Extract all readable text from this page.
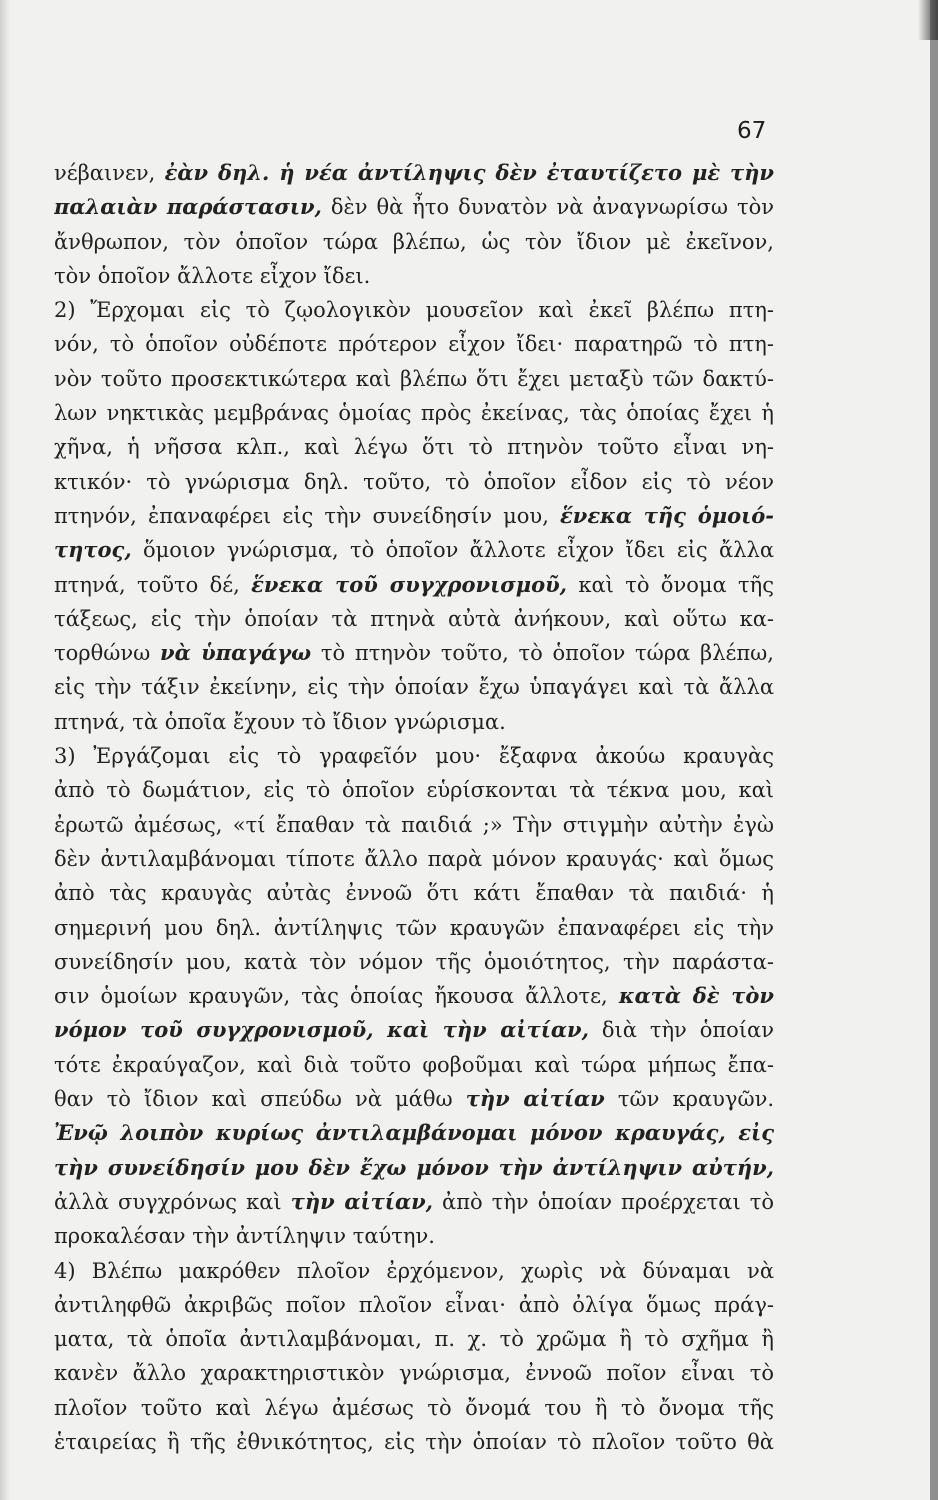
67
νέβαινεν, ἐὰν δηλ. ἡ νέα ἀντίληψις δὲν ἐταυτίζετο μὲ τὴν
παλαιὰν παράστασιν, δὲν θὰ ἦτο δυνατὸν νὰ ἀναγνωρίσω τὸν
ἄνθρωπον, τὸν ὁποῖον τώρα βλέπω, ὡς τὸν ἴδιον μὲ ἐκεῖνον,
τὸν ὁποῖον ἄλλοτε εἶχον ἴδει.
2) Ἔρχομαι εἰς τὸ ζῳολογικὸν μουσεῖον καὶ ἐκεῖ βλέπω πτη-
νόν, τὸ ὁποῖον οὐδέποτε πρότερον εἶχον ἴδει· παρατηρῶ τὸ πτη-
νὸν τοῦτο προσεκτικώτερα καὶ βλέπω ὅτι ἔχει μεταξὺ τῶν δακτύ-
λων νηκτικὰς μεμβράνας ὁμοίας πρὸς ἐκείνας, τὰς ὁποίας ἔχει ἡ
χῆνα, ἡ νῆσσα κλπ., καὶ λέγω ὅτι τὸ πτηνὸν τοῦτο εἶναι νη-
κτικόν· τὸ γνώρισμα δηλ. τοῦτο, τὸ ὁποῖον εἶδον εἰς τὸ νέον
πτηνόν, ἐπαναφέρει εἰς τὴν συνείδησίν μου, ἕνεκα τῆς ὁμοιό-
τητος, ὅμοιον γνώρισμα, τὸ ὁποῖον ἄλλοτε εἶχον ἴδει εἰς ἄλλα
πτηνά, τοῦτο δέ, ἕνεκα τοῦ συγχρονισμοῦ, καὶ τὸ ὄνομα τῆς
τάξεως, εἰς τὴν ὁποίαν τὰ πτηνὰ αὐτὰ ἀνήκουν, καὶ οὕτω κα-
τορθώνω νὰ ὑπαγάγω τὸ πτηνὸν τοῦτο, τὸ ὁποῖον τώρα βλέπω,
εἰς τὴν τάξιν ἐκείνην, εἰς τὴν ὁποίαν ἔχω ὑπαγάγει καὶ τὰ ἄλλα
πτηνά, τὰ ὁποῖα ἔχουν τὸ ἴδιον γνώρισμα.
3) Ἐργάζομαι εἰς τὸ γραφεῖόν μου· ἔξαφνα ἀκούω κραυγὰς
ἀπὸ τὸ δωμάτιον, εἰς τὸ ὁποῖον εὑρίσκονται τὰ τέκνα μου, καὶ
ἐρωτῶ ἀμέσως, «τί ἔπαθαν τὰ παιδιά ;» Τὴν στιγμὴν αὐτὴν ἐγὼ
δὲν ἀντιλαμβάνομαι τίποτε ἄλλο παρὰ μόνον κραυγάς· καὶ ὅμως
ἀπὸ τὰς κραυγὰς αὐτὰς ἐννοῶ ὅτι κάτι ἔπαθαν τὰ παιδιά· ἡ
σημερινή μου δηλ. ἀντίληψις τῶν κραυγῶν ἐπαναφέρει εἰς τὴν
συνείδησίν μου, κατὰ τὸν νόμον τῆς ὁμοιότητος, τὴν παράστα-
σιν ὁμοίων κραυγῶν, τὰς ὁποίας ἤκουσα ἄλλοτε, κατὰ δὲ τὸν
νόμον τοῦ συγχρονισμοῦ, καὶ τὴν αἰτίαν, διὰ τὴν ὁποίαν
τότε ἐκραύγαζον, καὶ διὰ τοῦτο φοβοῦμαι καὶ τώρα μήπως ἔπα-
θαν τὸ ἴδιον καὶ σπεύδω νὰ μάθω τὴν αἰτίαν τῶν κραυγῶν.
Ἐνῷ λοιπὸν κυρίως ἀντιλαμβάνομαι μόνον κραυγάς, εἰς
τὴν συνείδησίν μου δὲν ἔχω μόνον τὴν ἀντίληψιν αὐτήν,
ἀλλὰ συγχρόνως καὶ τὴν αἰτίαν, ἀπὸ τὴν ὁποίαν προέρχεται τὸ
προκαλέσαν τὴν ἀντίληψιν ταύτην.
4) Βλέπω μακρόθεν πλοῖον ἐρχόμενον, χωρὶς νὰ δύναμαι νὰ
ἀντιληφθῶ ἀκριβῶς ποῖον πλοῖον εἶναι· ἀπὸ ὀλίγα ὅμως πράγ-
ματα, τὰ ὁποῖα ἀντιλαμβάνομαι, π. χ. τὸ χρῶμα ἢ τὸ σχῆμα ἢ
κανὲν ἄλλο χαρακτηριστικὸν γνώρισμα, ἐννοῶ ποῖον εἶναι τὸ
πλοῖον τοῦτο καὶ λέγω ἀμέσως τὸ ὄνομά του ἢ τὸ ὄνομα τῆς
ἑταιρείας ἢ τῆς ἐθνικότητος, εἰς τὴν ὁποίαν τὸ πλοῖον τοῦτο θὰ
